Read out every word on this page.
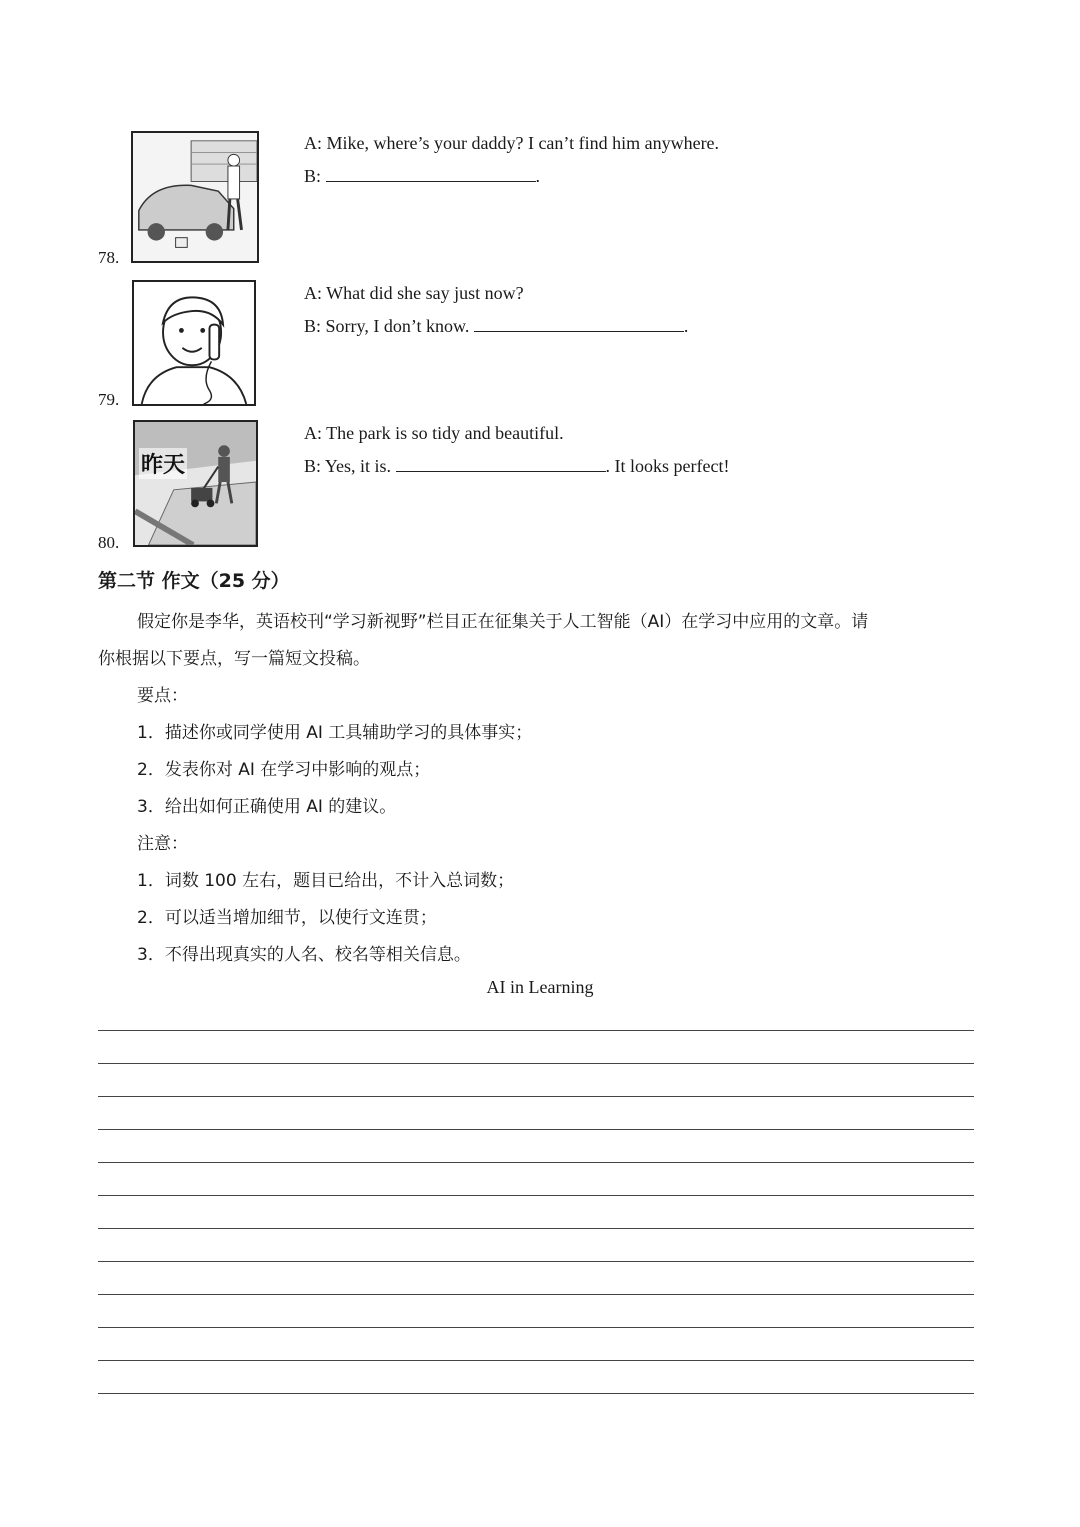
78.
A: Mike, where’s your daddy? I can’t find him anywhere.
B:	.
79.
A: What did she say just now?
B: Sorry, I don’t know.	.
昨天
80.
A: The park is so tidy and beautiful.
B: Yes, it is.	. It looks perfect!
第二节 作文（25 分）
假定你是李华，英语校刊“学习新视野”栏目正在征集关于人工智能（AI）在学习中应用的文章。请
你根据以下要点，写一篇短文投稿。
要点：
1．描述你或同学使用 AI 工具辅助学习的具体事实；
2．发表你对 AI 在学习中影响的观点；
3．给出如何正确使用 AI 的建议。
注意：
1．词数 100 左右，题目已给出，不计入总词数；
2．可以适当增加细节，以使行文连贯；
3．不得出现真实的人名、校名等相关信息。
AI in Learning
